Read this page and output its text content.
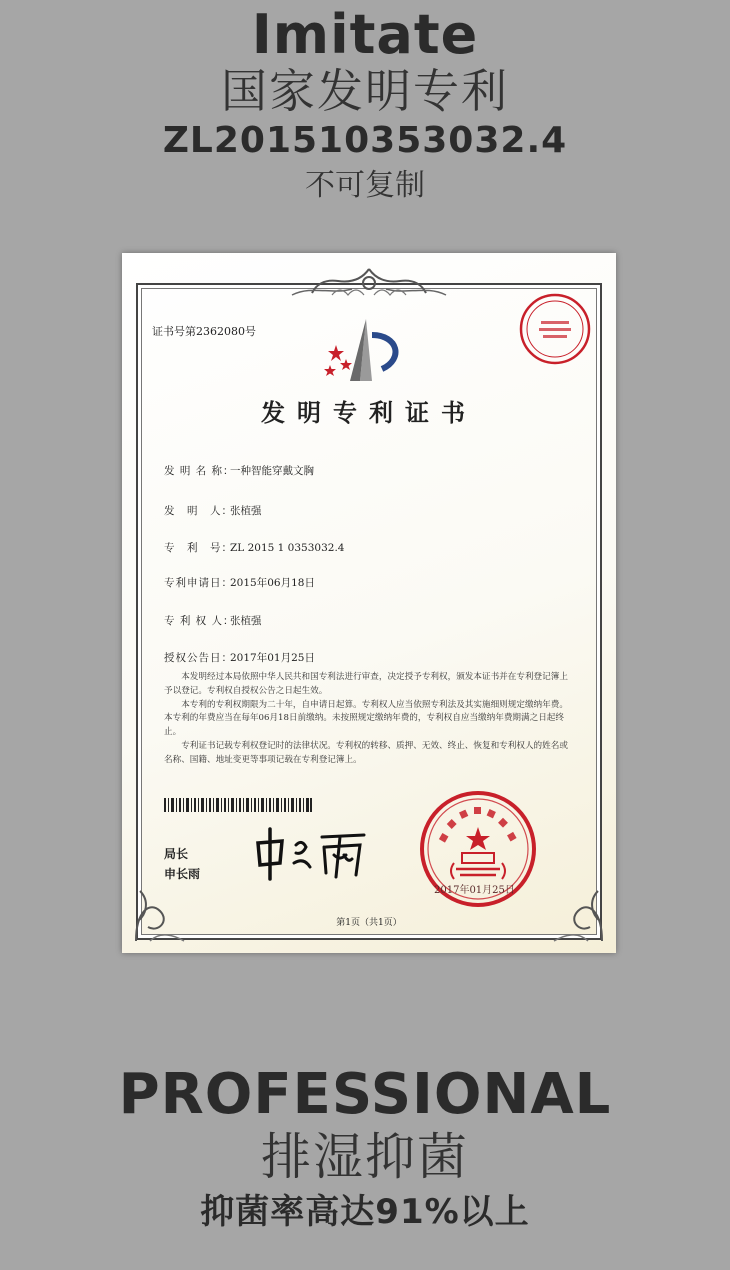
Imitate
国家发明专利
ZL201510353032.4
不可复制
证书号第2362080号
发明专利证书
发 明 名 称：一种智能穿戴文胸
发　明　人：张植强
专　利　号：ZL 2015 1 0353032.4
专利申请日：2015年06月18日
专 利 权 人：张植强
授权公告日：2017年01月25日

本发明经过本局依照中华人民共和国专利法进行审查，决定授予专利权，颁发本证书并在专利登记簿上予以登记。专利权自授权公告之日起生效。

本专利的专利权期限为二十年，自申请日起算。专利权人应当依照专利法及其实施细则规定缴纳年费。本专利的年费应当在每年06月18日前缴纳。未按照规定缴纳年费的，专利权自应当缴纳年费期满之日起终止。

专利证书记载专利权登记时的法律状况。专利权的转移、质押、无效、终止、恢复和专利权人的姓名或名称、国籍、地址变更等事项记载在专利登记簿上。

局长
申长雨
2017年01月25日
第1页（共1页）
PROFESSIONAL
排湿抑菌
抑菌率高达91%以上
